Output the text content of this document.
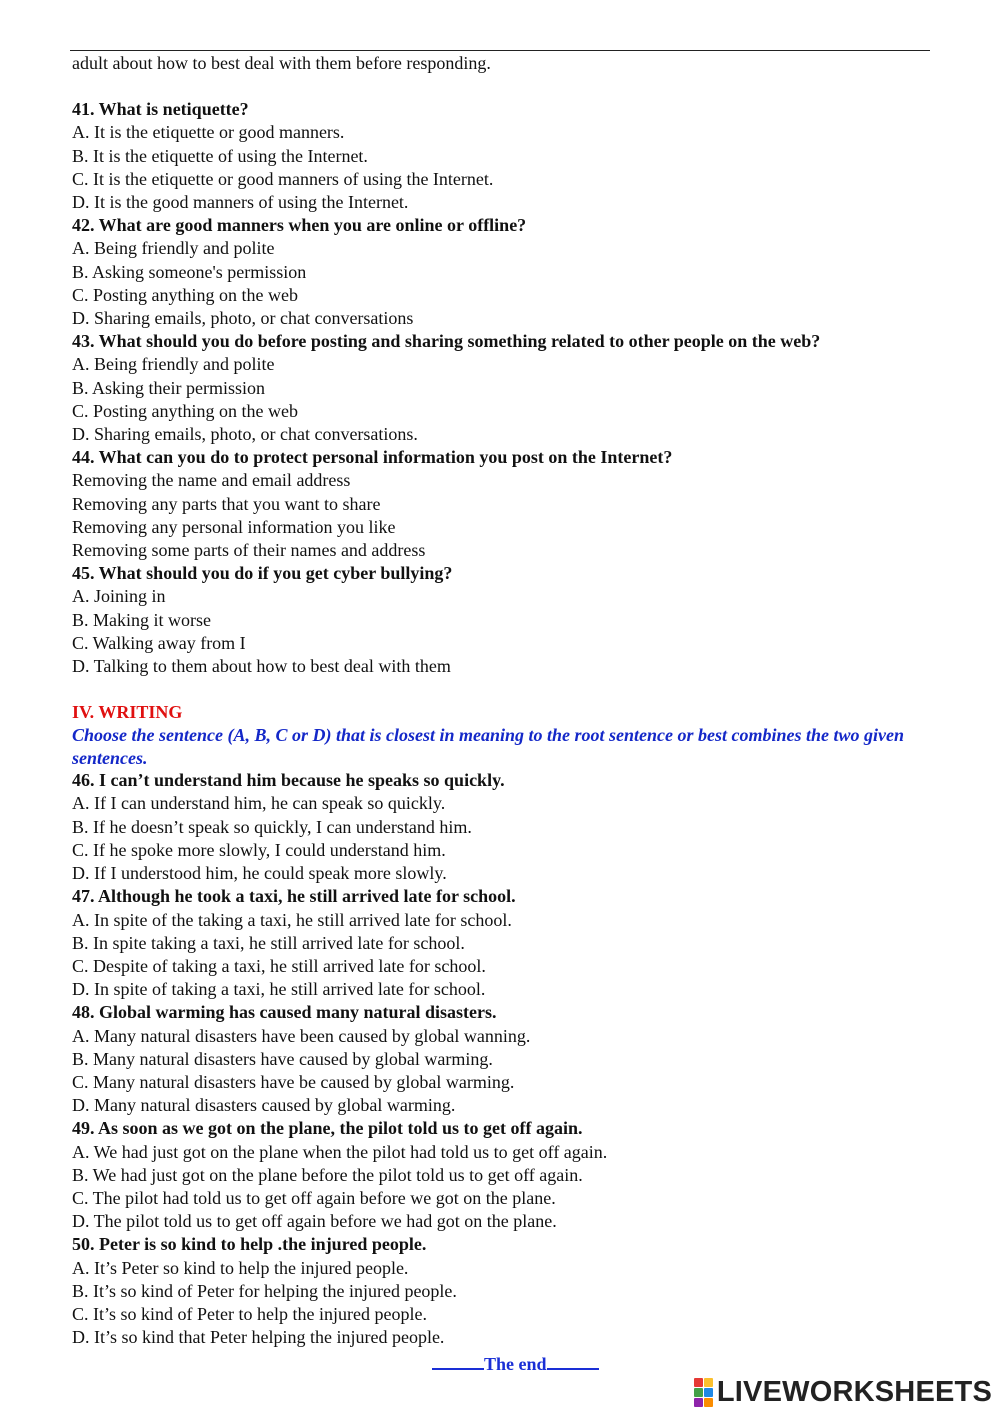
adult about how to best deal with them before responding.
41. What is netiquette?
A. It is the etiquette or good manners.
B. It is the etiquette of using the Internet.
C. It is the etiquette or good manners of using the Internet.
D. It is the good manners of using the Internet.
42. What are good manners when you are online or offline?
A. Being friendly and polite
B. Asking someone's permission
C. Posting anything on the web
D. Sharing emails, photo, or chat conversations
43. What should you do before posting and sharing something related to other people on the web?
A. Being friendly and polite
B. Asking their permission
C. Posting anything on the web
D. Sharing emails, photo, or chat conversations.
44. What can you do to protect personal information you post on the Internet?
Removing the name and email address
Removing any parts that you want to share
Removing any personal information you like
Removing some parts of their names and address
45. What should you do if you get cyber bullying?
A. Joining in
B. Making it worse
C. Walking away from I
D. Talking to them about how to best deal with them
IV. WRITING
Choose the sentence (A, B, C or D) that is closest in meaning to the root sentence or best combines the two given sentences.
46. I can’t understand him because he speaks so quickly.
A. If I can understand him, he can speak so quickly.
B. If he doesn’t speak so quickly, I can understand him.
C. If he spoke more slowly, I could understand him.
D. If I understood him, he could speak more slowly.
47. Although he took a taxi, he still arrived late for school.
A. In spite of the taking a taxi, he still arrived late for school.
B. In spite taking a taxi, he still arrived late for school.
C. Despite of taking a taxi, he still arrived late for school.
D. In spite of taking a taxi, he still arrived late for school.
48. Global warming has caused many natural disasters.
A. Many natural disasters have been caused by global wanning.
B. Many natural disasters have caused by global warming.
C. Many natural disasters have be caused by global warming.
D. Many natural disasters caused by global warming.
49. As soon as we got on the plane, the pilot told us to get off again.
A. We had just got on the plane when the pilot had told us to get off again.
B. We had just got on the plane before the pilot told us to get off again.
C. The pilot had told us to get off again before we got on the plane.
D. The pilot told us to get off again before we had got on the plane.
50. Peter is so kind to help .the injured people.
A. It’s Peter so kind to help the injured people.
B. It’s so kind of Peter for helping the injured people.
C. It’s so kind of Peter to help the injured people.
D. It’s so kind that Peter helping the injured people.
The end
LIVEWORKSHEETS
